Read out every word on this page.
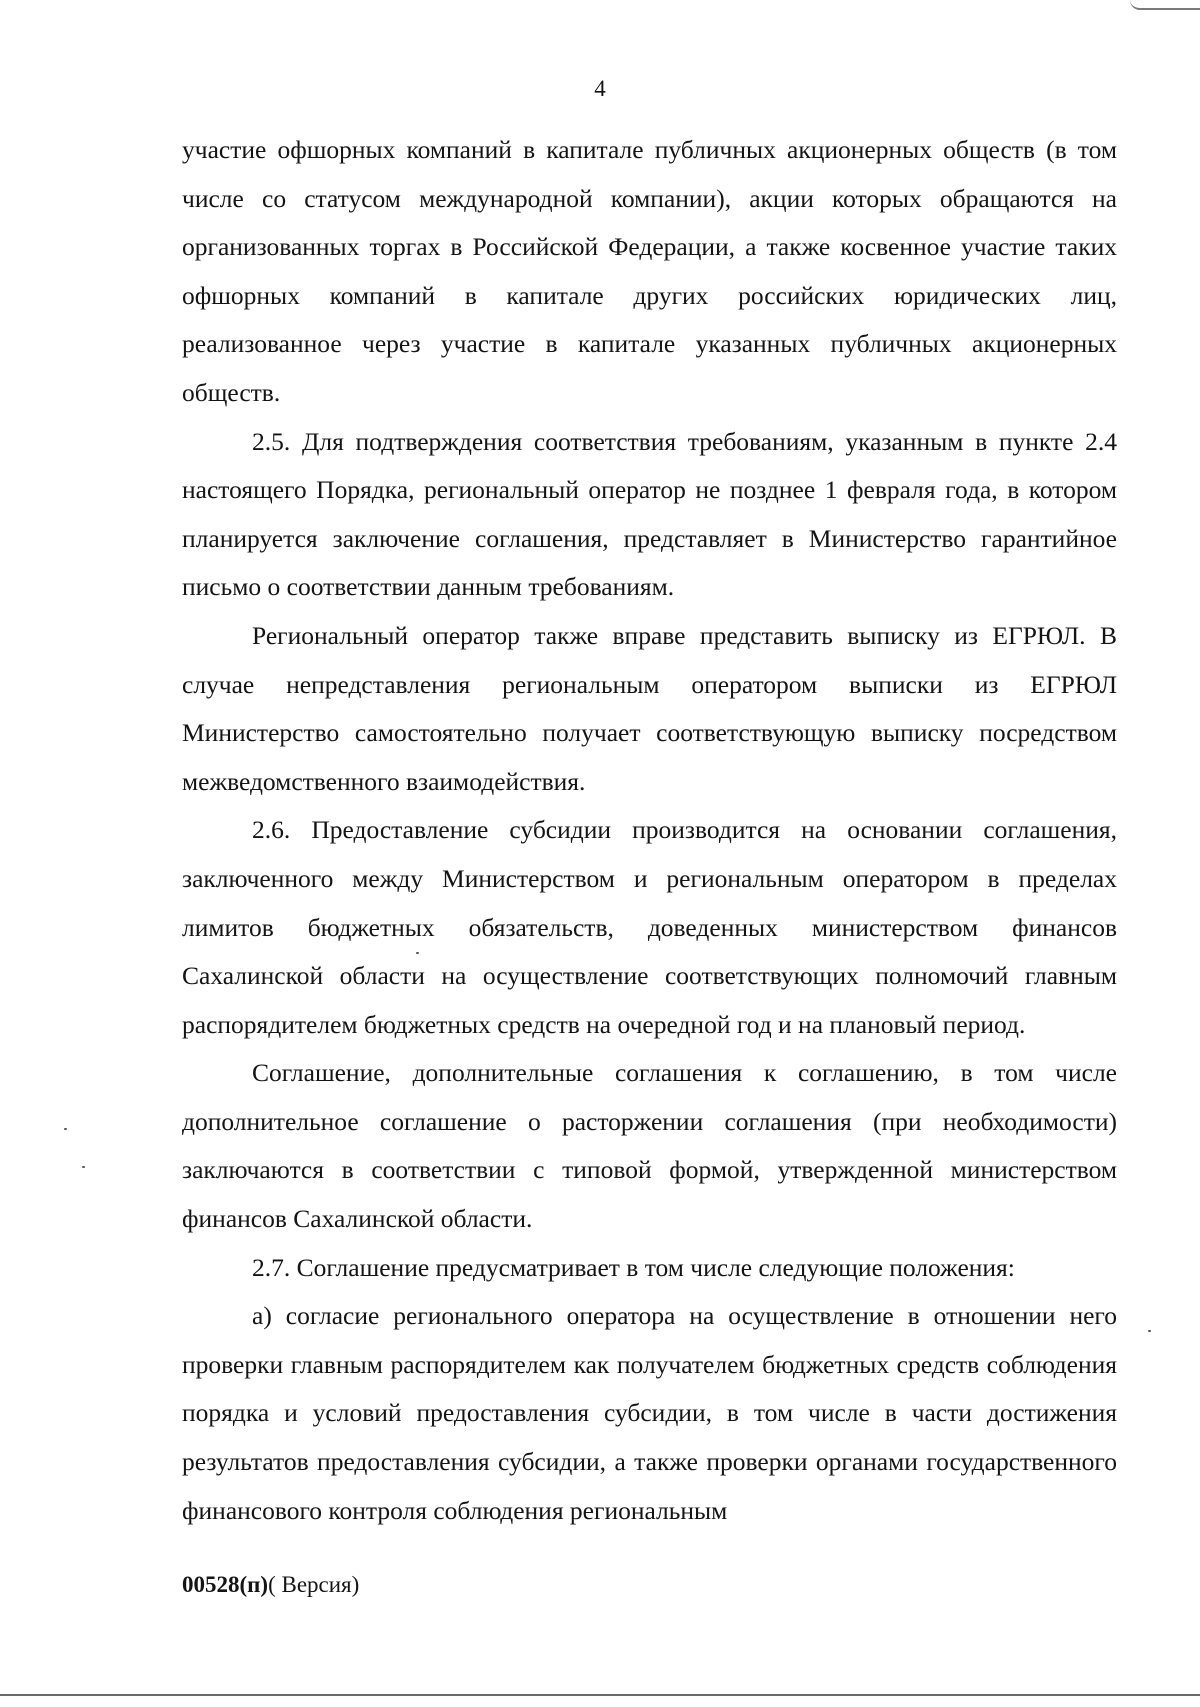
4

участие офшорных компаний в капитале публичных акционерных обществ (в том числе со статусом международной компании), акции которых обращаются на организованных торгах в Российской Федерации, а также косвенное участие таких офшорных компаний в капитале других российских юридических лиц, реализованное через участие в капитале указанных публичных акционерных обществ.

2.5. Для подтверждения соответствия требованиям, указанным в пункте 2.4 настоящего Порядка, региональный оператор не позднее 1 февраля года, в котором планируется заключение соглашения, представляет в Министерство гарантийное письмо о соответствии данным требованиям.

Региональный оператор также вправе представить выписку из ЕГРЮЛ. В случае непредставления региональным оператором выписки из ЕГРЮЛ Министерство самостоятельно получает соответствующую выписку посредством межведомственного взаимодействия.

2.6. Предоставление субсидии производится на основании соглашения, заключенного между Министерством и региональным оператором в пределах лимитов бюджетных обязательств, доведенных министерством финансов Сахалинской области на осуществление соответствующих полномочий главным распорядителем бюджетных средств на очередной год и на плановый период.

Соглашение, дополнительные соглашения к соглашению, в том числе дополнительное соглашение о расторжении соглашения (при необходимости) заключаются в соответствии с типовой формой, утвержденной министерством финансов Сахалинской области.

2.7. Соглашение предусматривает в том числе следующие положения:

а) согласие регионального оператора на осуществление в отношении него проверки главным распорядителем как получателем бюджетных средств соблюдения порядка и условий предоставления субсидии, в том числе в части достижения результатов предоставления субсидии, а также проверки органами государственного финансового контроля соблюдения региональным

00528(п)( Версия)
